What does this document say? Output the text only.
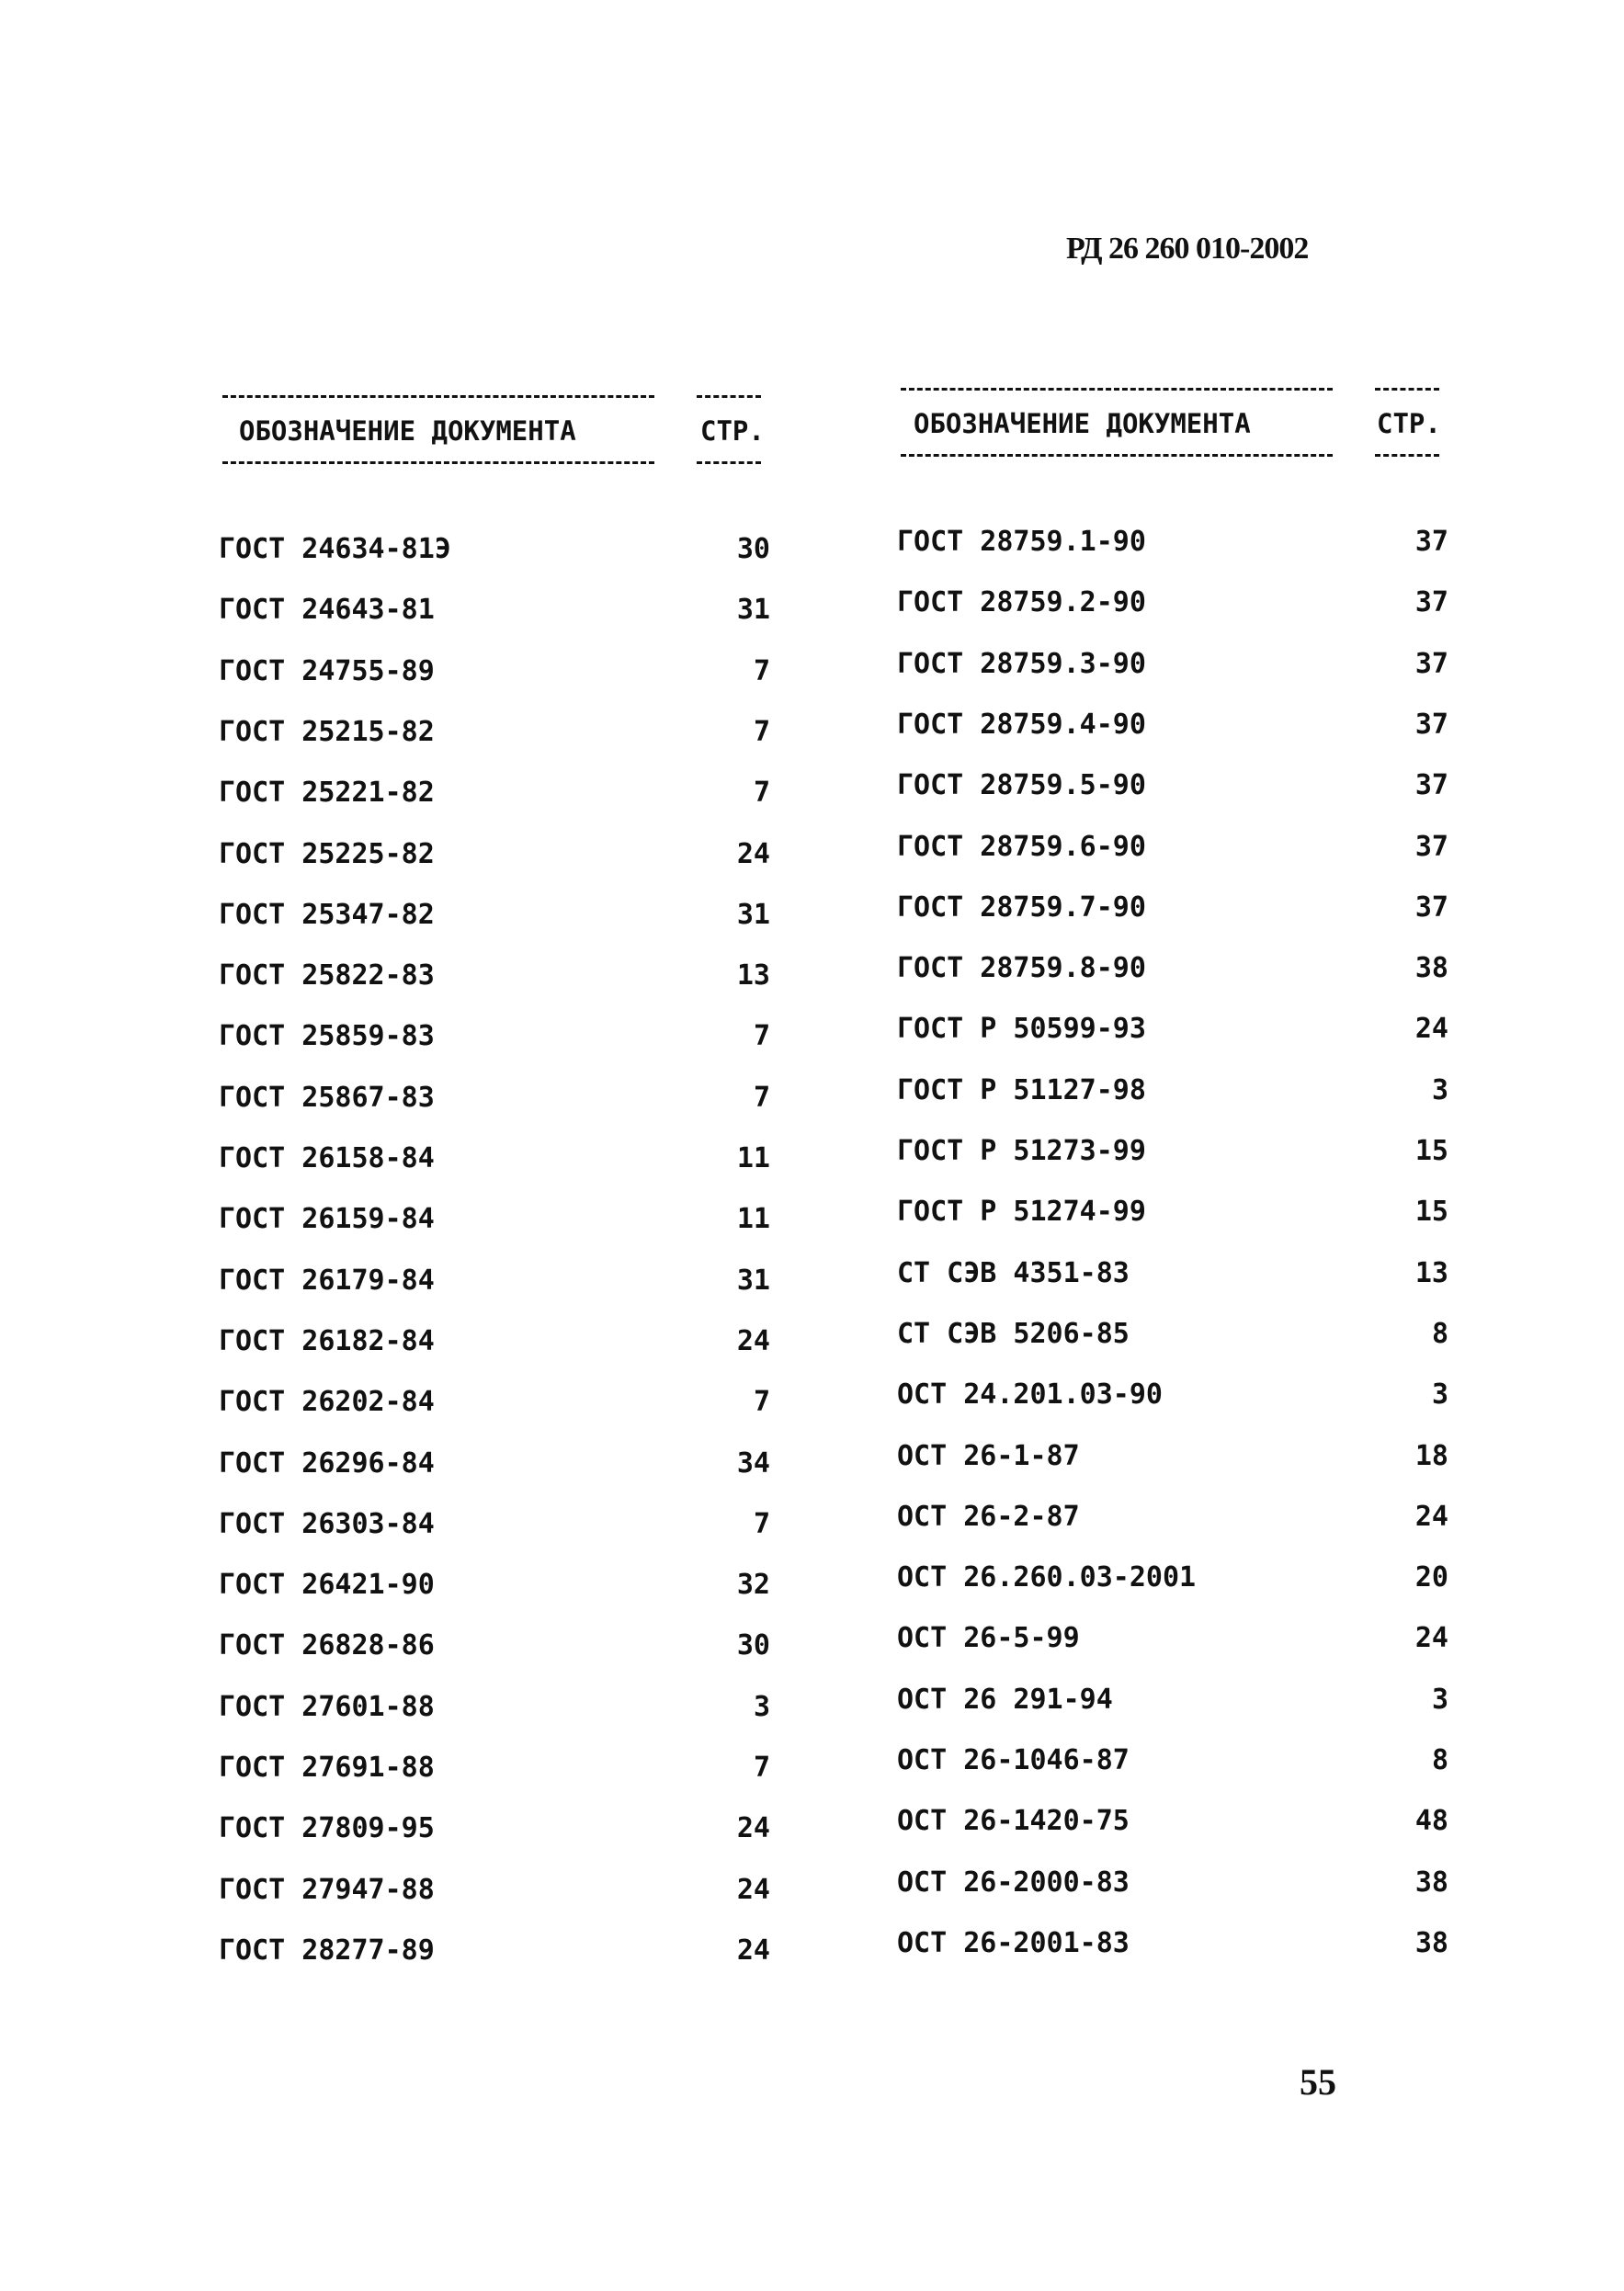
РД 26 260 010-2002
ОБОЗНАЧЕНИЕ ДОКУМЕНТА	СТР.
ГОСТ 24634-81Э	30
ГОСТ 24643-81	31
ГОСТ 24755-89	7
ГОСТ 25215-82	7
ГОСТ 25221-82	7
ГОСТ 25225-82	24
ГОСТ 25347-82	31
ГОСТ 25822-83	13
ГОСТ 25859-83	7
ГОСТ 25867-83	7
ГОСТ 26158-84	11
ГОСТ 26159-84	11
ГОСТ 26179-84	31
ГОСТ 26182-84	24
ГОСТ 26202-84	7
ГОСТ 26296-84	34
ГОСТ 26303-84	7
ГОСТ 26421-90	32
ГОСТ 26828-86	30
ГОСТ 27601-88	3
ГОСТ 27691-88	7
ГОСТ 27809-95	24
ГОСТ 27947-88	24
ГОСТ 28277-89	24
ОБОЗНАЧЕНИЕ ДОКУМЕНТА	СТР.
ГОСТ 28759.1-90	37
ГОСТ 28759.2-90	37
ГОСТ 28759.3-90	37
ГОСТ 28759.4-90	37
ГОСТ 28759.5-90	37
ГОСТ 28759.6-90	37
ГОСТ 28759.7-90	37
ГОСТ 28759.8-90	38
ГОСТ Р 50599-93	24
ГОСТ Р 51127-98	3
ГОСТ Р 51273-99	15
ГОСТ Р 51274-99	15
СТ СЭВ 4351-83	13
СТ СЭВ 5206-85	8
ОСТ 24.201.03-90	3
ОСТ 26-1-87	18
ОСТ 26-2-87	24
ОСТ 26.260.03-2001	20
ОСТ 26-5-99	24
ОСТ 26 291-94	3
ОСТ 26-1046-87	8
ОСТ 26-1420-75	48
ОСТ 26-2000-83	38
ОСТ 26-2001-83	38
55
